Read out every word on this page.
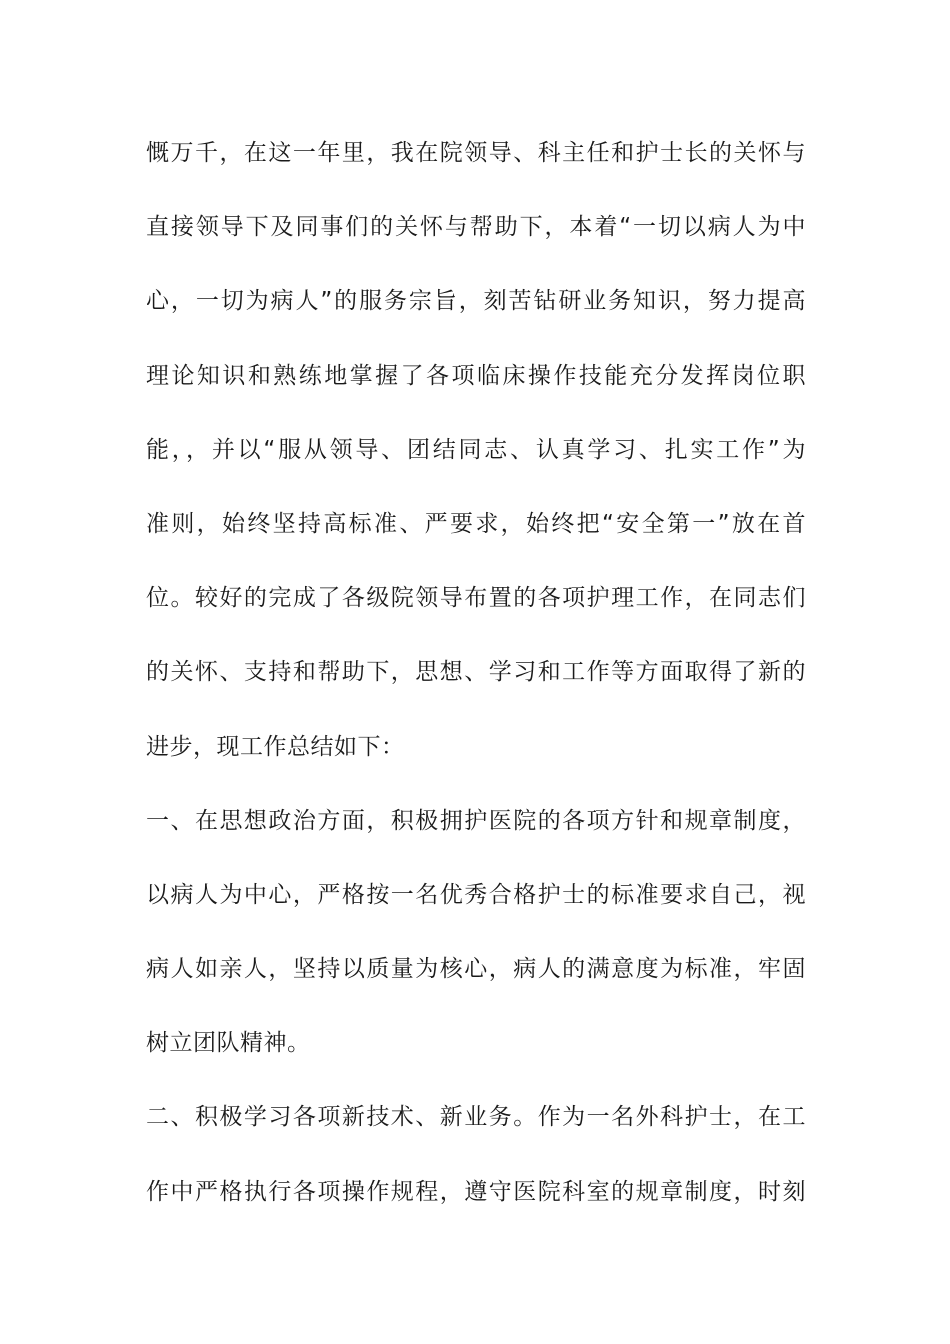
慨万千，在这一年里，我在院领导、科主任和护士长的关怀与
直接领导下及同事们的关怀与帮助下，本着“一切以病人为中
心，一切为病人”的服务宗旨，刻苦钻研业务知识，努力提高
理论知识和熟练地掌握了各项临床操作技能充分发挥岗位职
能，，并以“服从领导、团结同志、认真学习、扎实工作”为
准则，始终坚持高标准、严要求，始终把“安全第一”放在首
位。较好的完成了各级院领导布置的各项护理工作，在同志们
的关怀、支持和帮助下，思想、学习和工作等方面取得了新的
进步，现工作总结如下：
一、在思想政治方面，积极拥护医院的各项方针和规章制度，
以病人为中心，严格按一名优秀合格护士的标准要求自己，视
病人如亲人，坚持以质量为核心，病人的满意度为标准，牢固
树立团队精神。
二、积极学习各项新技术、新业务。作为一名外科护士，在工
作中严格执行各项操作规程，遵守医院科室的规章制度，时刻
